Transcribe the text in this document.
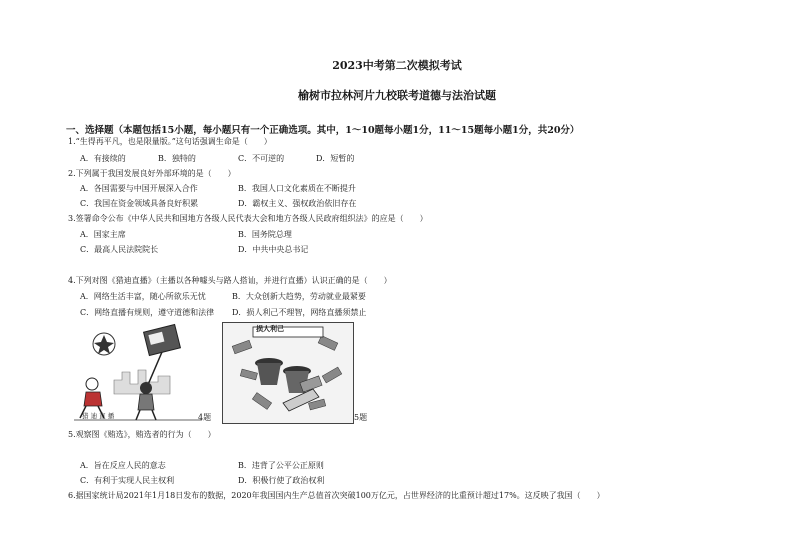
2023中考第二次模拟考试
榆树市拉林河片九校联考道德与法治试题
一、选择题（本题包括15小题，每小题只有一个正确选项。其中，1～10题每小题1分，11～15题每小题1分，共20分）
1.“生得再平凡，也是限量版。”这句话强调生命是（　　）
A．有接续的	B．独特的	C．不可逆的	D．短暂的
2.下列属于我国发展良好外部环境的是（　　）
A．各国需要与中国开展深入合作	B．我国人口文化素质在不断提升
C．我国在资金领域具备良好积累	D．霸权主义、强权政治依旧存在
3.签署命令公布《中华人民共和国地方各级人民代表大会和地方各级人民政府组织法》的应是（　　）
A．国家主席	B．国务院总理
C．最高人民法院院长	D．中共中央总书记
4.下列对图《猎迪直播》（主播以各种噱头与路人搭讪，并进行直播）认识正确的是（　　）
A．网络生活丰富，随心所欲乐无忧	B．大众创新大趋势，劳动就业最紧要
C．网络直播有规则，遵守道德和法律 D．损人利己不理智，网络直播须禁止
猎 迪 直 播	4题
损人利己
5题
5.观察图《贿选》，贿选者的行为（　　）
A．旨在反应人民的意志	B．违背了公平公正原则
C．有利于实现人民主权利	D．积极行使了政治权利
6.据国家统计局2021年1月18日发布的数据，2020年我国国内生产总值首次突破100万亿元，占世界经济的比重预计超过17%。这反映了我国（　　）
